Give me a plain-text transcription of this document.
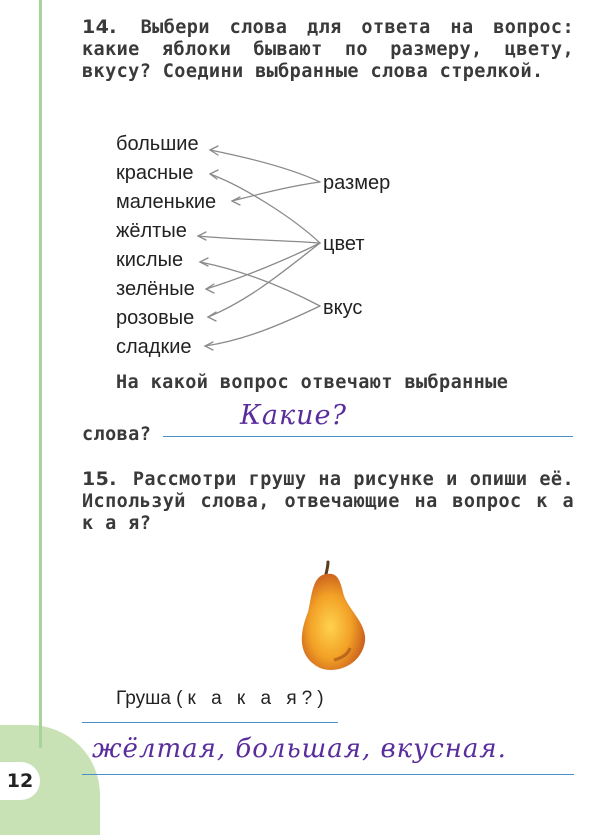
12
14. Выбери слова для ответа на вопрос: какие яблоки бывают по размеру, цвету, вкусу? Соедини выбранные слова стрелкой.
большие
красные
маленькие
жёлтые
кислые
зелёные
розовые
сладкие
размер
цвет
вкус
На какой вопрос отвечают выбранные
слова?
Какие?
15. Рассмотри грушу на рисунке и опиши её. Используй слова, отвечающие на вопрос к а к а я?
Груша (к а к а я?)
жёлтая, большая, вкусная.
